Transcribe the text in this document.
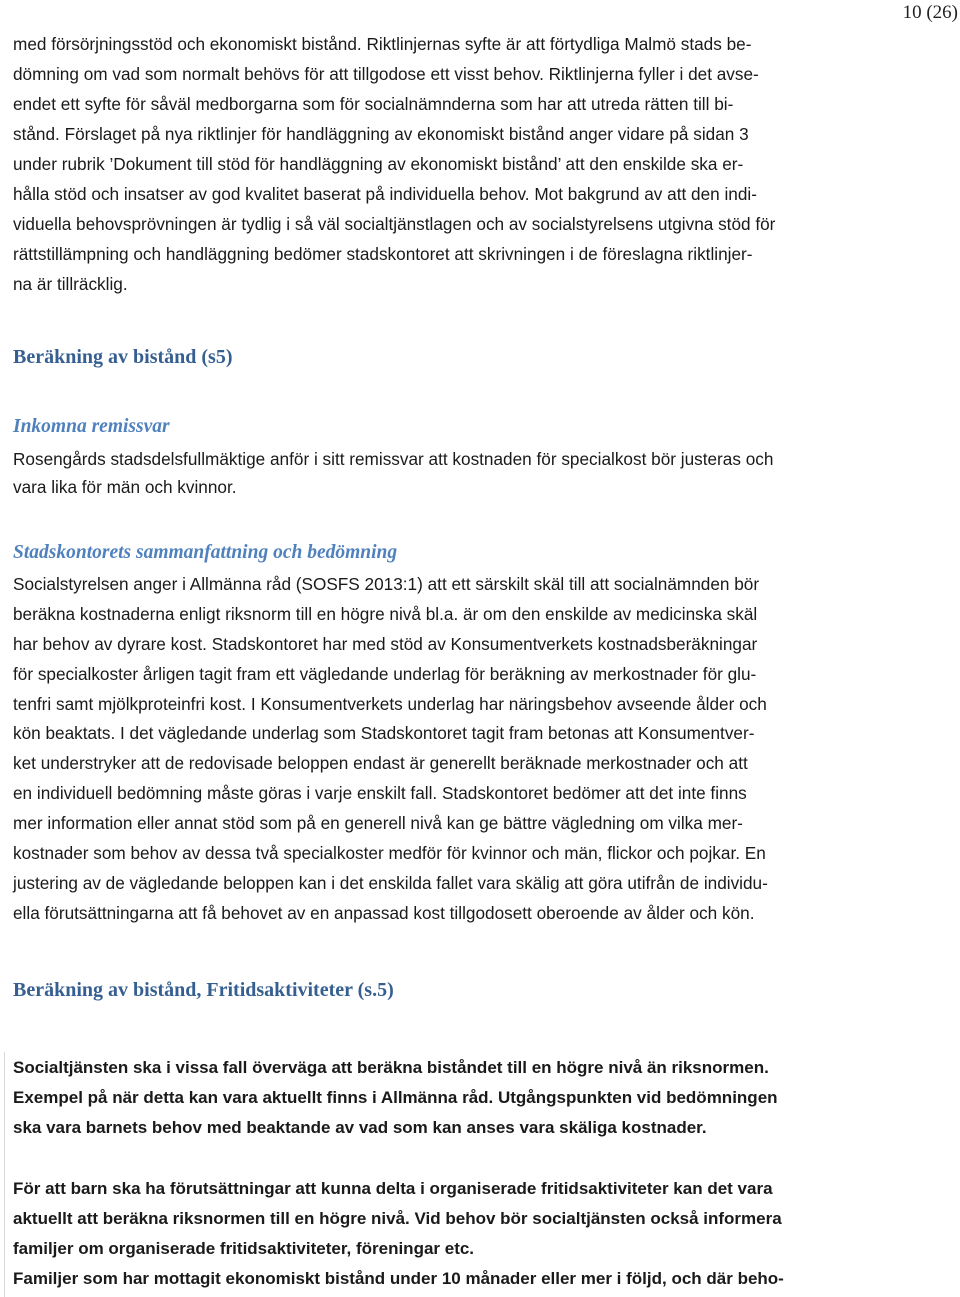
10 (26)
med försörjningsstöd och ekonomiskt bistånd. Riktlinjernas syfte är att förtydliga Malmö stads be-
dömning om vad som normalt behövs för att tillgodose ett visst behov. Riktlinjerna fyller i det avse-
endet ett syfte för såväl medborgarna som för socialnämnderna som har att utreda rätten till bi-
stånd. Förslaget på nya riktlinjer för handläggning av ekonomiskt bistånd anger vidare på sidan 3
under rubrik ’Dokument till stöd för handläggning av ekonomiskt bistånd’ att den enskilde ska er-
hålla stöd och insatser av god kvalitet baserat på individuella behov. Mot bakgrund av att den indi-
viduella behovsprövningen är tydlig i så väl socialtjänstlagen och av socialstyrelsens utgivna stöd för
rättstillämpning och handläggning bedömer stadskontoret att skrivningen i de föreslagna riktlinjer-
na är tillräcklig.
Beräkning av bistånd (s5)
Inkomna remissvar
Rosengårds stadsdelsfullmäktige anför i sitt remissvar att kostnaden för specialkost bör justeras och
vara lika för män och kvinnor.
Stadskontorets sammanfattning och bedömning
Socialstyrelsen anger i Allmänna råd (SOSFS 2013:1) att ett särskilt skäl till att socialnämnden bör
beräkna kostnaderna enligt riksnorm till en högre nivå bl.a. är om den enskilde av medicinska skäl
har behov av dyrare kost. Stadskontoret har med stöd av Konsumentverkets kostnadsberäkningar
för specialkoster årligen tagit fram ett vägledande underlag för beräkning av merkostnader för glu-
tenfri samt mjölkproteinfri kost. I Konsumentverkets underlag har näringsbehov avseende ålder och
kön beaktats. I det vägledande underlag som Stadskontoret tagit fram betonas att Konsumentver-
ket understryker att de redovisade beloppen endast är generellt beräknade merkostnader och att
en individuell bedömning måste göras i varje enskilt fall. Stadskontoret bedömer att det inte finns
mer information eller annat stöd som på en generell nivå kan ge bättre vägledning om vilka mer-
kostnader som behov av dessa två specialkoster medför för kvinnor och män, flickor och pojkar. En
justering av de vägledande beloppen kan i det enskilda fallet vara skälig att göra utifrån de individu-
ella förutsättningarna att få behovet av en anpassad kost tillgodosett oberoende av ålder och kön.
Beräkning av bistånd, Fritidsaktiviteter (s.5)
Socialtjänsten ska i vissa fall överväga att beräkna biståndet till en högre nivå än riksnormen.
Exempel på när detta kan vara aktuellt finns i Allmänna råd. Utgångspunkten vid bedömningen
ska vara barnets behov med beaktande av vad som kan anses vara skäliga kostnader.
För att barn ska ha förutsättningar att kunna delta i organiserade fritidsaktiviteter kan det vara
aktuellt att beräkna riksnormen till en högre nivå. Vid behov bör socialtjänsten också informera
familjer om organiserade fritidsaktiviteter, föreningar etc.
Familjer som har mottagit ekonomiskt bistånd under 10 månader eller mer i följd, och där beho-
